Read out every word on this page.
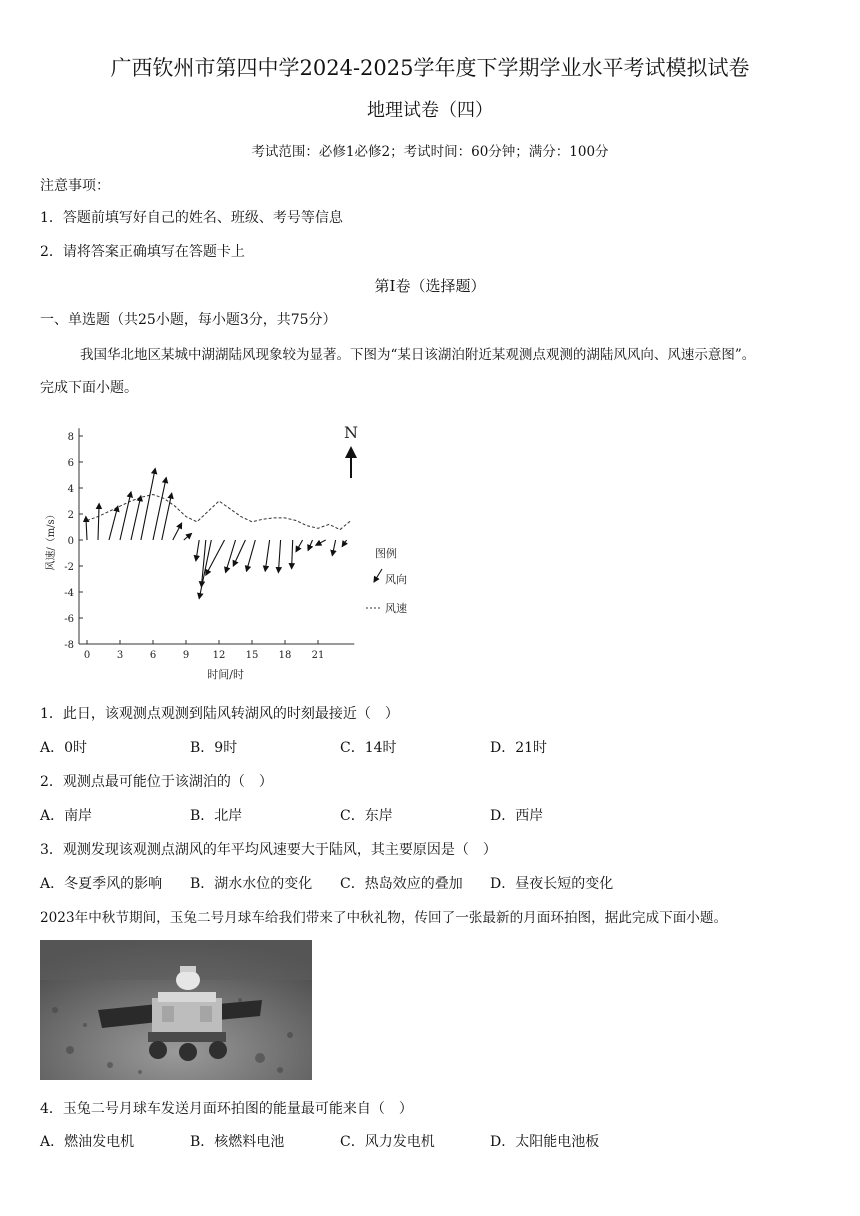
广西钦州市第四中学2024-2025学年度下学期学业水平考试模拟试卷
地理试卷（四）
考试范围：必修1必修2；考试时间：60分钟；满分：100分
注意事项：
1．答题前填写好自己的姓名、班级、考号等信息
2．请将答案正确填写在答题卡上
第I卷（选择题）
一、单选题（共25小题，每小题3分，共75分）
我国华北地区某城中湖湖陆风现象较为显著。下图为“某日该湖泊附近某观测点观测的湖陆风风向、风速示意图”。
完成下面小题。
8
6
4
2
0
-2
-4
-6
-8
0	3	6	9 12 15 18 21
风速/（m/s）
时间/时
N
图例
风向
风速
1．此日，该观测点观测到陆风转湖风的时刻最接近（　）
A．0时	B．9时	C．14时	D．21时
2．观测点最可能位于该湖泊的（　）
A．南岸	B．北岸	C．东岸	D．西岸
3．观测发现该观测点湖风的年平均风速要大于陆风，其主要原因是（　）
A．冬夏季风的影响 B．湖水水位的变化 C．热岛效应的叠加 D．昼夜长短的变化
2023年中秋节期间，玉兔二号月球车给我们带来了中秋礼物，传回了一张最新的月面环拍图，据此完成下面小题。
4．玉兔二号月球车发送月面环拍图的能量最可能来自（　）
A．燃油发电机	B．核燃料电池	C．风力发电机	D．太阳能电池板
